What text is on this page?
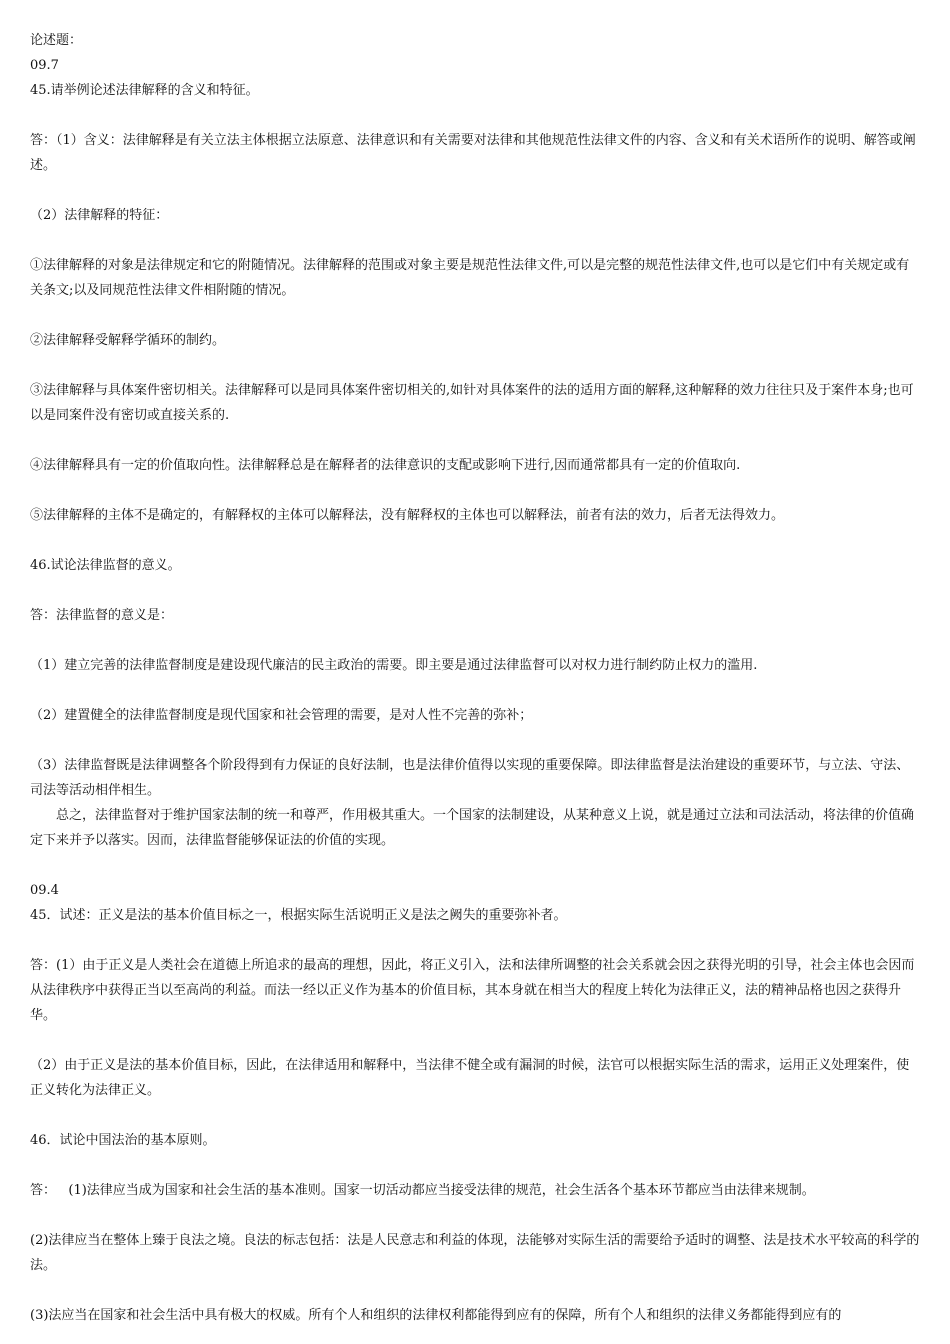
论述题：

09.7

45.请举例论述法律解释的含义和特征。

答：（1）含义：法律解释是有关立法主体根据立法原意、法律意识和有关需要对法律和其他规范性法律文件的内容、含义和有关术语所作的说明、解答或阐述。

（2）法律解释的特征：

①法律解释的对象是法律规定和它的附随情况。法律解释的范围或对象主要是规范性法律文件,可以是完整的规范性法律文件,也可以是它们中有关规定或有关条文;以及同规范性法律文件相附随的情况。

②法律解释受解释学循环的制约。

③法律解释与具体案件密切相关。法律解释可以是同具体案件密切相关的,如针对具体案件的法的适用方面的解释,这种解释的效力往往只及于案件本身;也可以是同案件没有密切或直接关系的.

④法律解释具有一定的价值取向性。法律解释总是在解释者的法律意识的支配或影响下进行,因而通常都具有一定的价值取向.

⑤法律解释的主体不是确定的，有解释权的主体可以解释法，没有解释权的主体也可以解释法，前者有法的效力，后者无法得效力。

46.试论法律监督的意义。

答：法律监督的意义是：

（1）建立完善的法律监督制度是建设现代廉洁的民主政治的需要。即主要是通过法律监督可以对权力进行制约防止权力的滥用.

（2）建置健全的法律监督制度是现代国家和社会管理的需要，是对人性不完善的弥补；

（3）法律监督既是法律调整各个阶段得到有力保证的良好法制，也是法律价值得以实现的重要保障。即法律监督是法治建设的重要环节，与立法、守法、司法等活动相伴相生。

总之，法律监督对于维护国家法制的统一和尊严，作用极其重大。一个国家的法制建设，从某种意义上说，就是通过立法和司法活动，将法律的价值确定下来并予以落实。因而，法律监督能够保证法的价值的实现。

09.4

45．试述：正义是法的基本价值目标之一，根据实际生活说明正义是法之阙失的重要弥补者。

答：(1）由于正义是人类社会在道德上所追求的最高的理想，因此，将正义引入，法和法律所调整的社会关系就会因之获得光明的引导，社会主体也会因而从法律秩序中获得正当以至高尚的利益。而法一经以正义作为基本的价值目标，其本身就在相当大的程度上转化为法律正义，法的精神品格也因之获得升华。

（2）由于正义是法的基本价值目标，因此，在法律适用和解释中，当法律不健全或有漏洞的时候，法官可以根据实际生活的需求，运用正义处理案件，使正义转化为法律正义。

46．试论中国法治的基本原则。

答：   (1)法律应当成为国家和社会生活的基本准则。国家一切活动都应当接受法律的规范，社会生活各个基本环节都应当由法律来规制。

(2)法律应当在整体上臻于良法之境。良法的标志包括：法是人民意志和利益的体现，法能够对实际生活的需要给予适时的调整、法是技术水平较高的科学的法。

(3)法应当在国家和社会生活中具有极大的权威。所有个人和组织的法律权利都能得到应有的保障，所有个人和组织的法律义务都能得到应有的
